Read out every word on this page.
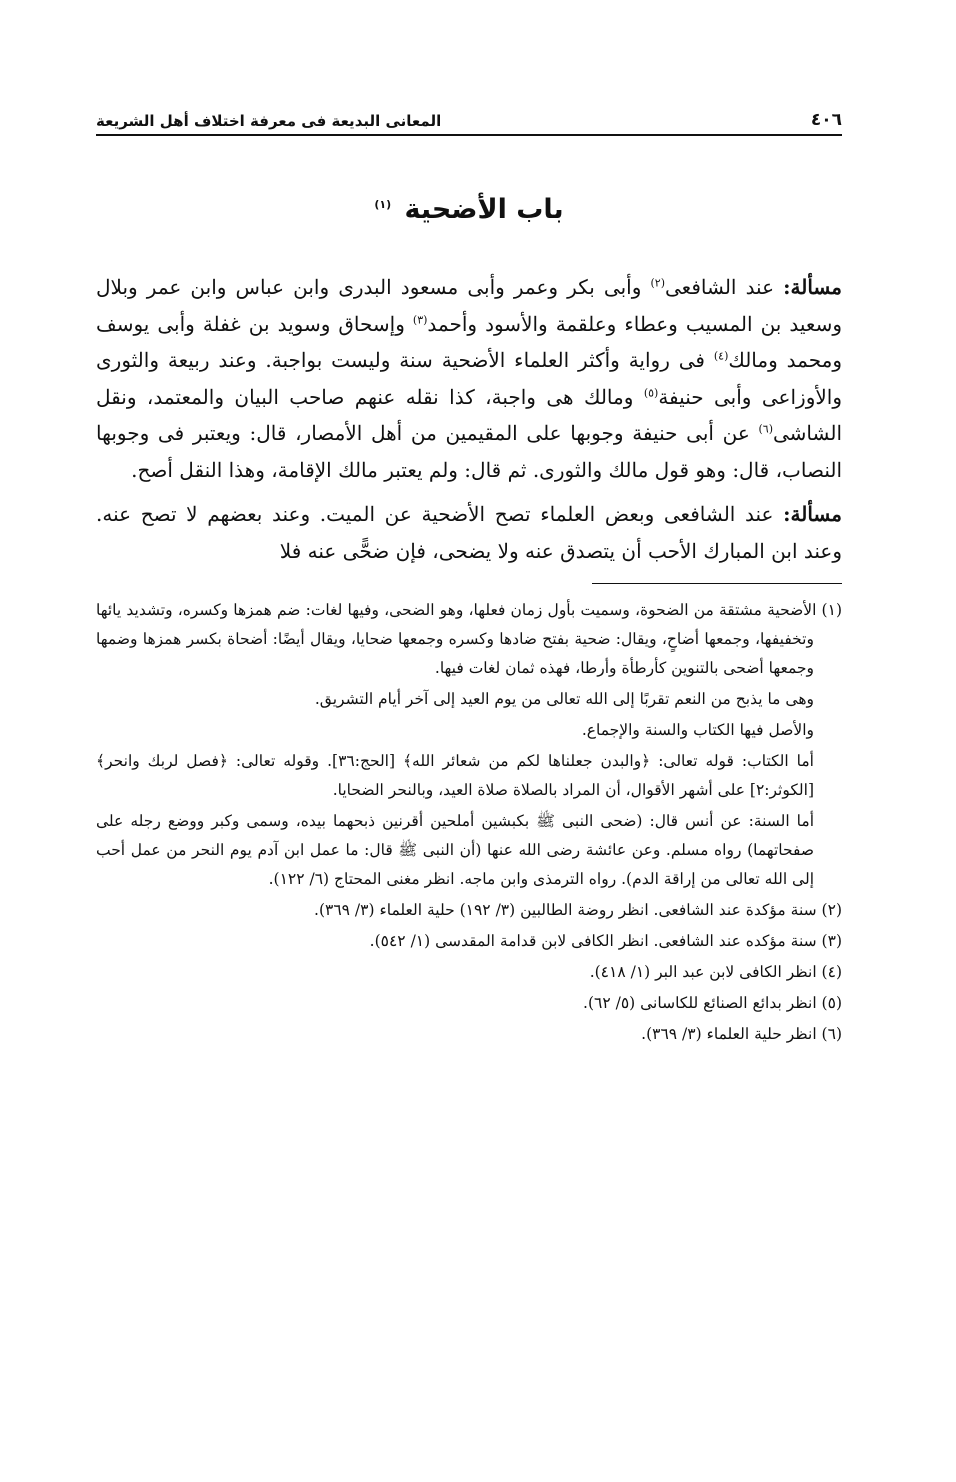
٤٠٦
المعانى البديعة فى معرفة اختلاف أهل الشريعة
باب الأضحية $^{(١)}$

مسألة: عند الشافعى$^{(٢)}$ وأبى بكر وعمر وأبى مسعود البدرى وابن عباس وابن عمر وبلال وسعيد بن المسيب وعطاء وعلقمة والأسود وأحمد$^{(٣)}$ وإسحاق وسويد بن غفلة وأبى يوسف ومحمد ومالك$^{(٤)}$ فى رواية وأكثر العلماء الأضحية سنة وليست بواجبة. وعند ربيعة والثورى والأوزاعى وأبى حنيفة$^{(٥)}$ ومالك هى واجبة، كذا نقله عنهم صاحب البيان والمعتمد، ونقل الشاشى$^{(٦)}$ عن أبى حنيفة وجوبها على المقيمين من أهل الأمصار، قال: ويعتبر فى وجوبها النصاب، قال: وهو قول مالك والثورى. ثم قال: ولم يعتبر مالك الإقامة، وهذا النقل أصح.

مسألة: عند الشافعى وبعض العلماء تصح الأضحية عن الميت. وعند بعضهم لا تصح عنه. وعند ابن المبارك الأحب أن يتصدق عنه ولا يضحى، فإن ضحًّى عنه فلا

(١) الأضحية مشتقة من الضحوة، وسميت بأول زمان فعلها، وهو الضحى، وفيها لغات: ضم همزها وكسره، وتشديد يائها وتخفيفها، وجمعها أضاحٍ، ويقال: ضحية بفتح ضادها وكسره وجمعها ضحايا، ويقال أيضًا: أضحاة بكسر همزها وضمها وجمعها أضحى بالتنوين كأرطأة وأرطا، فهذه ثمان لغات فيها.

وهى ما يذبح من النعم تقربًا إلى الله تعالى من يوم العيد إلى آخر أيام التشريق.

والأصل فيها الكتاب والسنة والإجماع.

أما الكتاب: قوله تعالى: ﴿والبدن جعلناها لكم من شعائر الله﴾ [الحج:٣٦]. وقوله تعالى: ﴿فصل لربك وانحر﴾ [الكوثر:٢] على أشهر الأقوال، أن المراد بالصلاة صلاة العيد، وبالنحر الضحايا.

أما السنة: عن أنس قال: (ضحى النبى ﷺ بكبشين أملحين أقرنين ذبحهما بيده، وسمى وكبر ووضع رجله على صفحاتهما) رواه مسلم. وعن عائشة رضى الله عنها (أن النبى ﷺ قال: ما عمل ابن آدم يوم النحر من عمل أحب إلى الله تعالى من إراقة الدم). رواه الترمذى وابن ماجه. انظر مغنى المحتاج (٦/ ١٢٢).

(٢) سنة مؤكدة عند الشافعى. انظر روضة الطالبين (٣/ ١٩٢) حلية العلماء (٣/ ٣٦٩).

(٣) سنة مؤكده عند الشافعى. انظر الكافى لابن قدامة المقدسى (١/ ٥٤٢).

(٤) انظر الكافى لابن عبد البر (١/ ٤١٨).

(٥) انظر بدائع الصنائع للكاسانى (٥/ ٦٢).

(٦) انظر حلية العلماء (٣/ ٣٦٩).
